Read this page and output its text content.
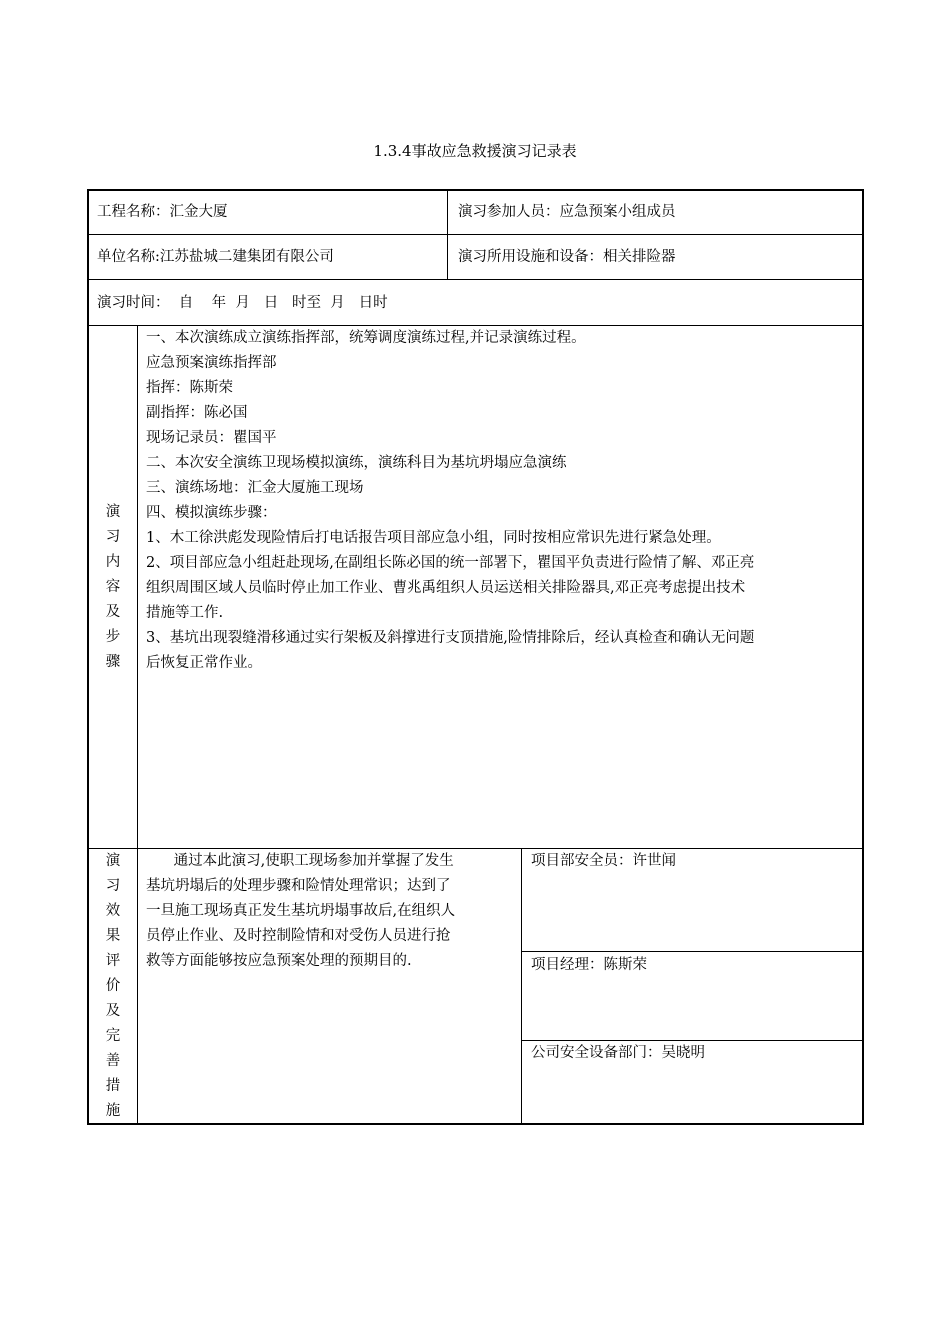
1.3.4事故应急救援演习记录表
工程名称：汇金大厦	演习参加人员：应急预案小组成员
单位名称:江苏盐城二建集团有限公司	演习所用设施和设备：相关排险器
演习时间：  自    年  月   日   时至  月   日时
演
习
内
容
及
步
骤
一、本次演练成立演练指挥部，统筹调度演练过程,并记录演练过程。
应急预案演练指挥部
指挥：陈斯荣
副指挥：陈必国
现场记录员：瞿国平
二、本次安全演练卫现场模拟演练，演练科目为基坑坍塌应急演练
三、演练场地：汇金大厦施工现场
四、模拟演练步骤：
1、木工徐洪彪发现险情后打电话报告项目部应急小组，同时按相应常识先进行紧急处理。
2、项目部应急小组赶赴现场,在副组长陈必国的统一部署下，瞿国平负责进行险情了解、邓正亮
组织周围区域人员临时停止加工作业、曹兆禹组织人员运送相关排险器具,邓正亮考虑提出技术
措施等工作.
3、基坑出现裂缝滑移通过实行架板及斜撑进行支顶措施,险情排除后，经认真检查和确认无问题
后恢复正常作业。
演
习
效
果
评
价
及
完
善
措
施
通过本此演习,使职工现场参加并掌握了发生
基坑坍塌后的处理步骤和险情处理常识；达到了
一旦施工现场真正发生基坑坍塌事故后,在组织人
员停止作业、及时控制险情和对受伤人员进行抢
救等方面能够按应急预案处理的预期目的.
项目部安全员：许世闻
项目经理：陈斯荣
公司安全设备部门：吴晓明
